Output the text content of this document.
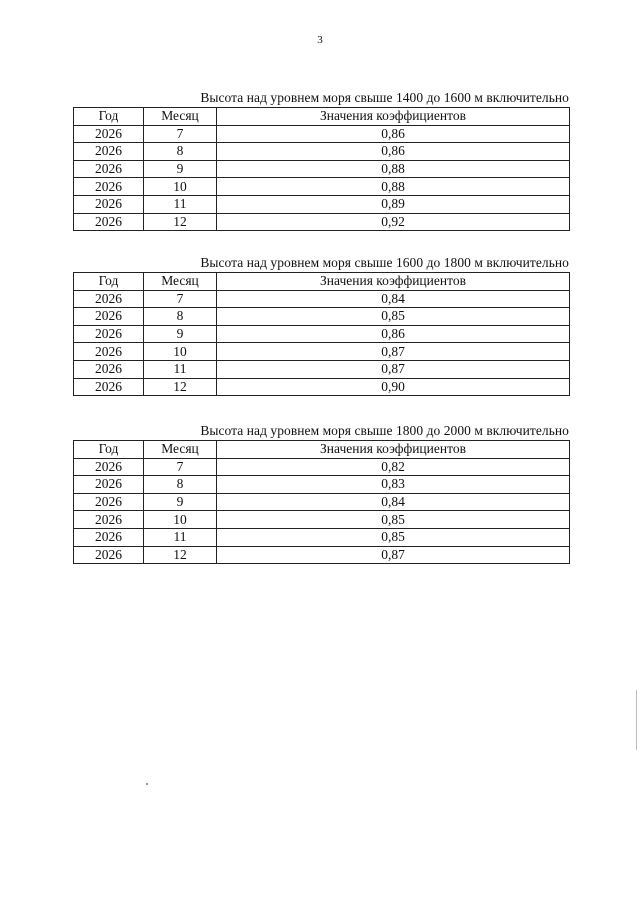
3
Высота над уровнем моря свыше 1400 до 1600 м включительно
Год	Месяц	Значения коэффициентов
2026	7	0,86
2026	8	0,86
2026	9	0,88
2026	10	0,88
2026	11	0,89
2026	12	0,92
Высота над уровнем моря свыше 1600 до 1800 м включительно
Год	Месяц	Значения коэффициентов
2026	7	0,84
2026	8	0,85
2026	9	0,86
2026	10	0,87
2026	11	0,87
2026	12	0,90
Высота над уровнем моря свыше 1800 до 2000 м включительно
Год	Месяц	Значения коэффициентов
2026	7	0,82
2026	8	0,83
2026	9	0,84
2026	10	0,85
2026	11	0,85
2026	12	0,87
